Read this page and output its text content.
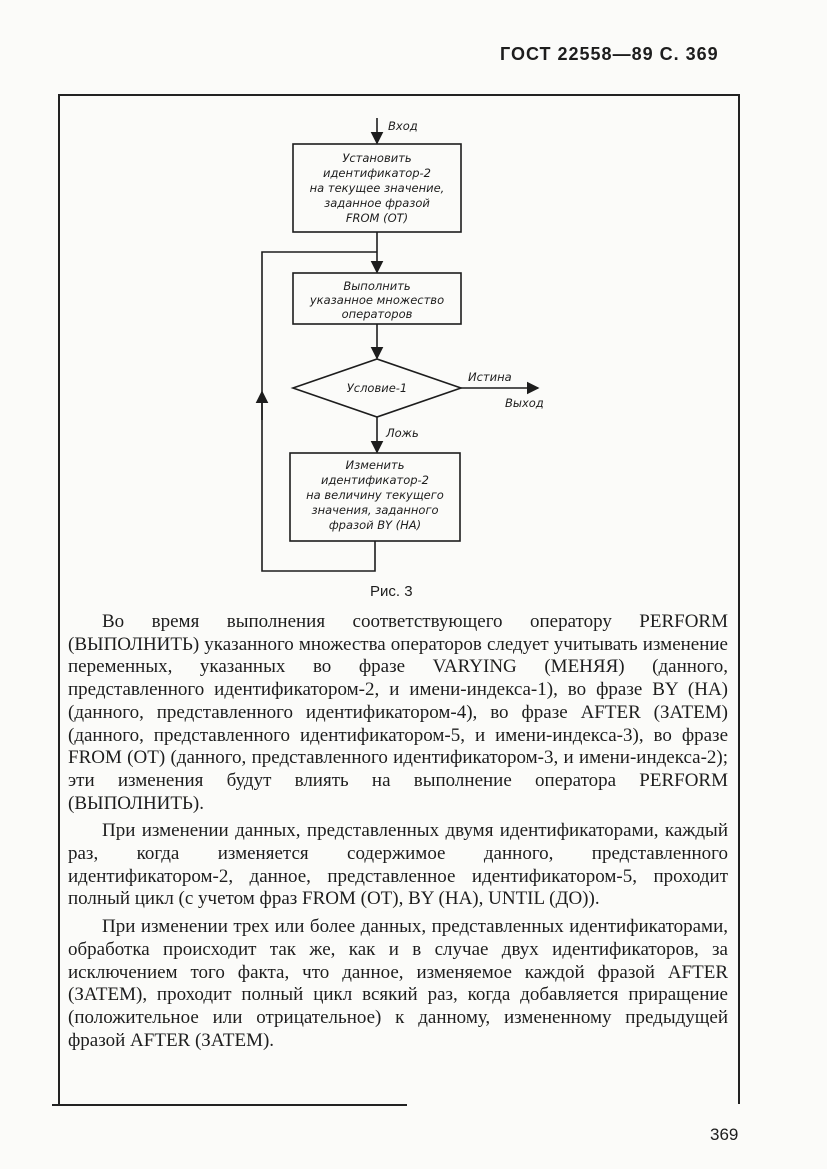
ГОСТ 22558—89 С. 369
Вход
Установить
идентификатор-2
на текущее значение,
заданное фразой
FROM (OT)
Выполнить
указанное множество
операторов
Условие-1
Истина
Выход
Ложь
Изменить
идентификатор-2
на величину текущего
значения, заданного
фразой BY (HA)
Рис. 3

Во время выполнения соответствующего оператору PERFORM (ВЫПОЛНИТЬ) указанного множества операторов следует учитывать изменение переменных, указанных во фразе VARYING (МЕНЯЯ) (данного, представленного идентификатором-2, и имени-индекса-1), во фразе BY (HA) (данного, представленного идентификатором-4), во фразе AFTER (ЗАТЕМ) (данного, представленного идентификатором-5, и имени-индекса-3), во фразе FROM (OT) (данного, представленного идентификатором-3, и имени-индекса-2); эти изменения будут влиять на выполнение оператора PERFORM (ВЫПОЛНИТЬ).

При изменении данных, представленных двумя идентификаторами, каждый раз, когда изменяется содержимое данного, представленного идентификатором-2, данное, представленное идентификатором-5, проходит полный цикл (с учетом фраз FROM (OT), BY (HA), UNTIL (ДО)).

При изменении трех или более данных, представленных идентификаторами, обработка происходит так же, как и в случае двух идентификаторов, за исключением того факта, что данное, изменяемое каждой фразой AFTER (ЗАТЕМ), проходит полный цикл всякий раз, когда добавляется приращение (положительное или отрицательное) к данному, измененному предыдущей фразой AFTER (ЗАТЕМ).

369
